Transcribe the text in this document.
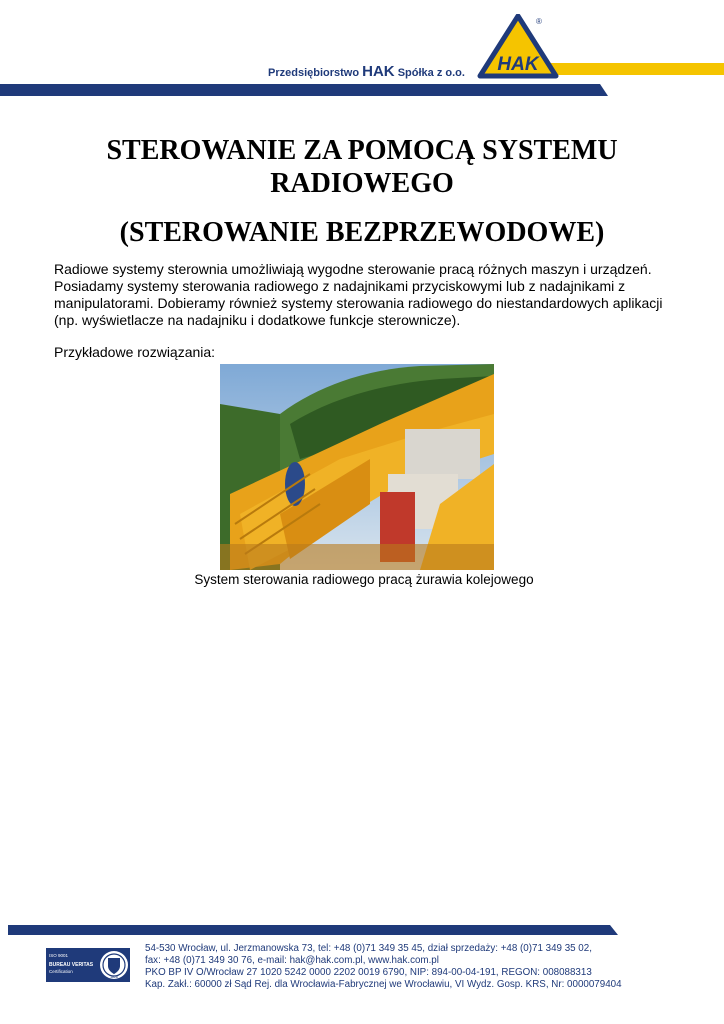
Przedsiębiorstwo HAK Spółka z o.o. HAK
®
STEROWANIE ZA POMOCĄ SYSTEMU RADIOWEGO
(STEROWANIE BEZPRZEWODOWE)

Radiowe systemy sterownia umożliwiają wygodne sterowanie pracą różnych maszyn i urządzeń. Posiadamy systemy sterowania radiowego z nadajnikami przyciskowymi lub z nadajnikami z manipulatorami. Dobieramy również systemy sterowania radiowego do niestandardowych aplikacji (np. wyświetlacze na nadajniku i dodatkowe funkcje sterownicze).

Przykładowe rozwiązania:

System sterowania radiowego pracą żurawia kolejowego

ISO 9001
BUREAU VERITAS
Certification
1828
54-530 Wrocław, ul. Jerzmanowska 73, tel: +48 (0)71 349 35 45, dział sprzedaży: +48 (0)71 349 35 02,
fax: +48 (0)71 349 30 76, e-mail: hak@hak.com.pl, www.hak.com.pl
PKO BP IV O/Wrocław 27 1020 5242 0000 2202 0019 6790, NIP: 894-00-04-191, REGON: 008088313
Kap. Zakł.: 60000 zł Sąd Rej. dla Wrocławia-Fabrycznej we Wrocławiu, VI Wydz. Gosp. KRS, Nr: 0000079404
